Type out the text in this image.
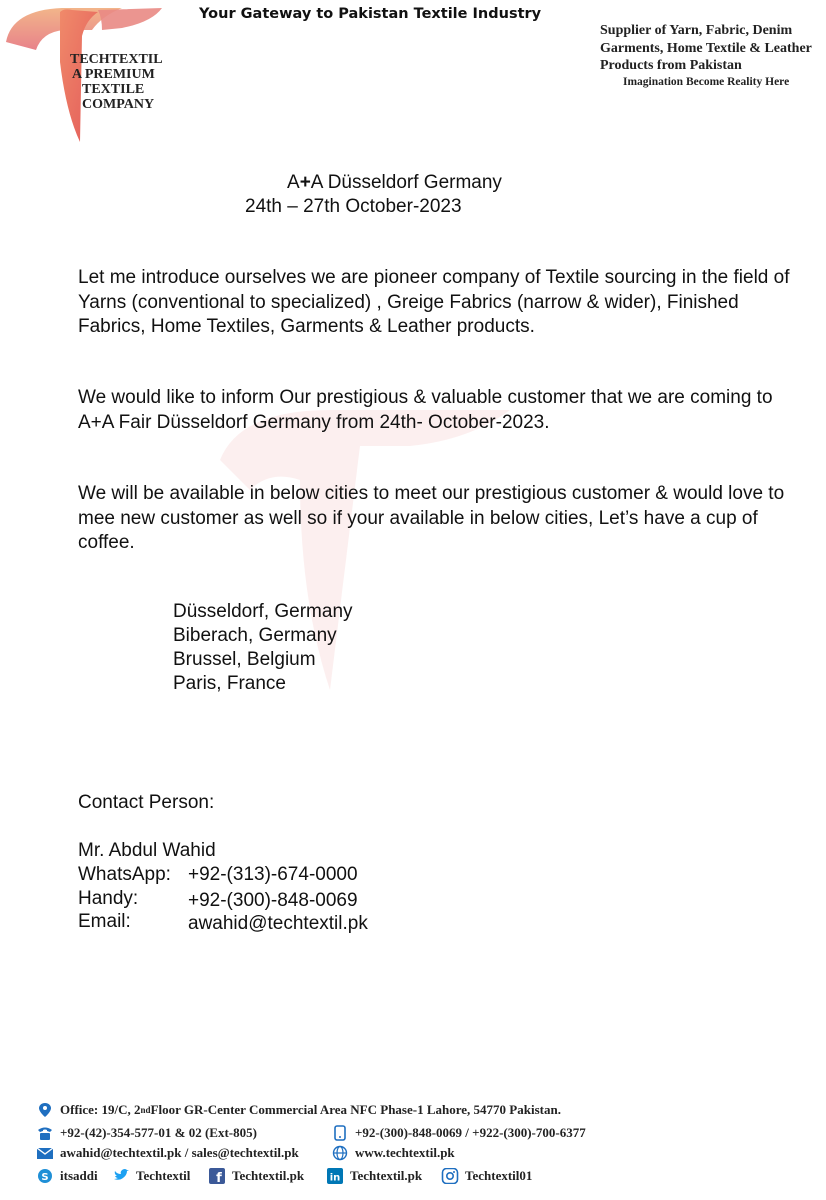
TECHTEXTIL
A PREMIUM
TEXTILE
COMPANY
Your Gateway to Pakistan Textile Industry
Supplier of Yarn, Fabric, Denim Garments, Home Textile & Leather Products from Pakistan
Imagination Become Reality Here
A+A Düsseldorf Germany
24th – 27th October-2023
Let me introduce ourselves we are pioneer company of Textile sourcing in the field of Yarns (conventional to specialized) , Greige Fabrics (narrow & wider), Finished Fabrics, Home Textiles, Garments & Leather products.
We would like to inform Our prestigious & valuable customer that we are coming to A+A Fair Düsseldorf Germany from 24th- October-2023.
We will be available in below cities to meet our prestigious customer & would love to mee new customer as well so if your available in below cities, Let’s have a cup of coffee.
Düsseldorf, Germany
Biberach, Germany
Brussel, Belgium
Paris, France
Contact Person:
Mr. Abdul Wahid
WhatsApp: +92-(313)-674-0000
Handy:	+92-(300)-848-0069
Email:	awahid@techtextil.pk
Office: 19/C, 2 nd Floor GR-Center Commercial Area NFC Phase-1 Lahore, 54770 Pakistan.
+92-(42)-354-577-01 & 02 (Ext-805)	+92-(300)-848-0069 / +922-(300)-700-6377
awahid@techtextil.pk / sales@techtextil.pk	www.techtextil.pk
S itsaddi	Techtextil f Techtextil.pk	in Techtextil.pk	Techtextil01
